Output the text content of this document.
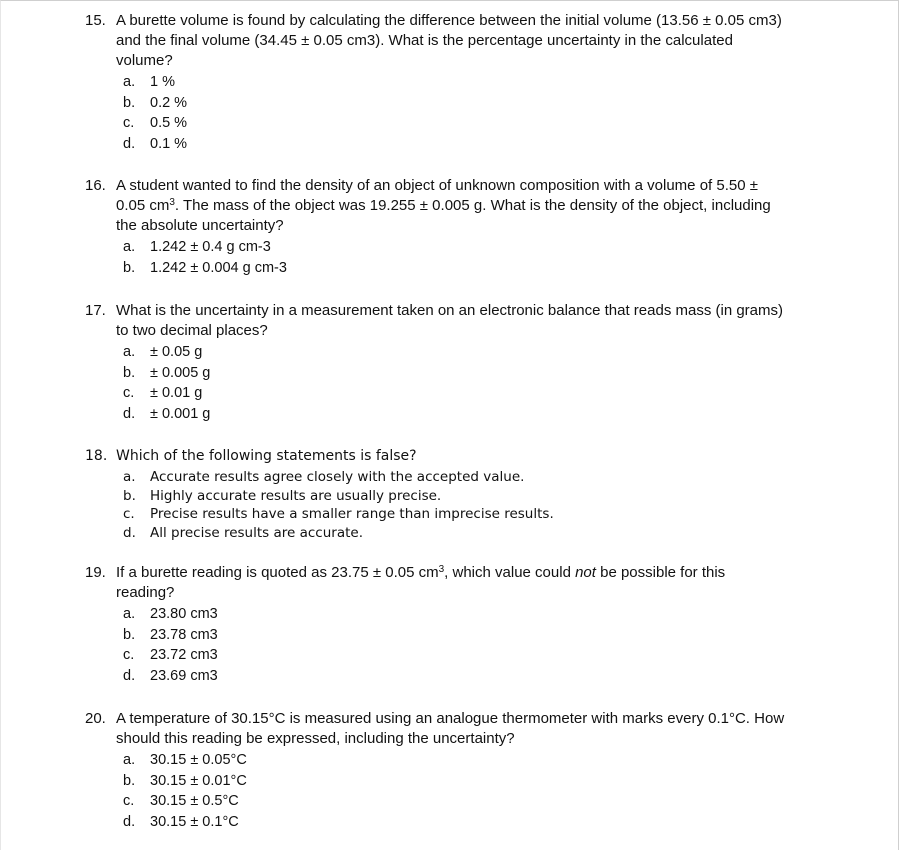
15. A burette volume is found by calculating the difference between the initial volume (13.56 ± 0.05 cm3) and the final volume (34.45 ± 0.05 cm3). What is the percentage uncertainty in the calculated volume?
a.	1 %
b.	0.2 %
c.	0.5 %
d.	0.1 %
16. A student wanted to find the density of an object of unknown composition with a volume of 5.50 ± 0.05 $cm^3$. The mass of the object was 19.255 ± 0.005 g. What is the density of the object, including the absolute uncertainty?
a.	1.242 ± 0.4 g cm-3
b.	1.242 ± 0.004 g cm-3
17. What is the uncertainty in a measurement taken on an electronic balance that reads mass (in grams) to two decimal places?
a.	± 0.05 g
b.	± 0.005 g
c.	± 0.01 g
d.	± 0.001 g
18. Which of the following statements is false?
a.	Accurate results agree closely with the accepted value.
b.	Highly accurate results are usually precise.
c.	Precise results have a smaller range than imprecise results.
d.	All precise results are accurate.
19. If a burette reading is quoted as 23.75 ± 0.05 $cm^3$, which value could not be possible for this reading?
a.	23.80 cm3
b.	23.78 cm3
c.	23.72 cm3
d.	23.69 cm3
20. A temperature of 30.15°C is measured using an analogue thermometer with marks every 0.1°C. How should this reading be expressed, including the uncertainty?
a.	30.15 ± 0.05°C
b.	30.15 ± 0.01°C
c.	30.15 ± 0.5°C
d.	30.15 ± 0.1°C
